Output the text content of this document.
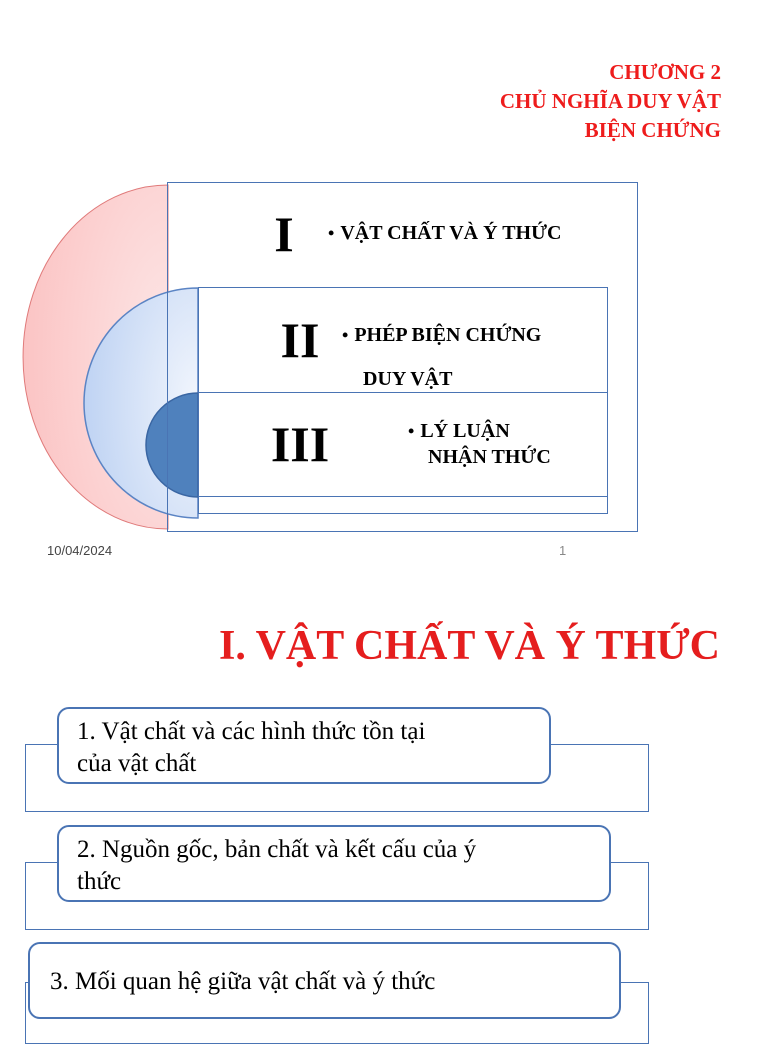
CHƯƠNG 2
CHỦ NGHĨA DUY VẬT
BIỆN CHỨNG
I	• VẬT CHẤT VÀ Ý THỨC
II	• PHÉP BIỆN CHỨNG
DUY VẬT
III	• LÝ LUẬN
NHẬN THỨC
10/04/2024	1
I. VẬT CHẤT VÀ Ý THỨC
1. Vật chất và các hình thức tồn tại
của vật chất
2. Nguồn gốc, bản chất và kết cấu của ý
thức
3. Mối quan hệ giữa vật chất và ý thức
